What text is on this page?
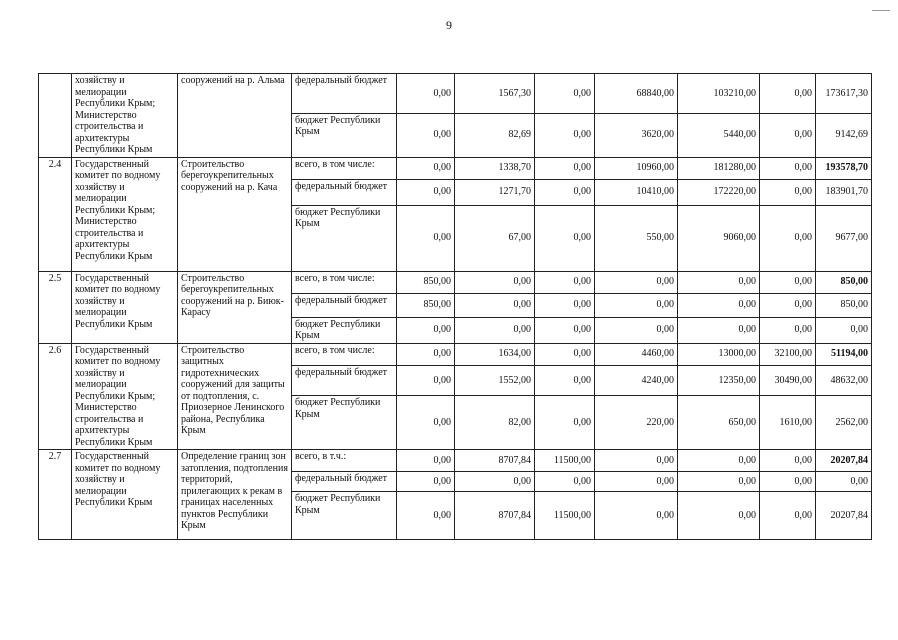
9
	хозяйству и мелиорации Республики Крым; Министерство строительства и архитектуры Республики Крым	сооружений на р. Альма	федеральный бюджет	0,00	1567,30	0,00	68840,00	103210,00	0,00	173617,30
			бюджет Республики Крым	0,00	82,69	0,00	3620,00	5440,00	0,00	9142,69
2.4	Государственный комитет по водному хозяйству и мелиорации Республики Крым; Министерство строительства и архитектуры Республики Крым	Строительство берегоукрепительных сооружений на р. Кача	всего, в том числе:	0,00	1338,70	0,00	10960,00	181280,00	0,00	193578,70
			федеральный бюджет	0,00	1271,70	0,00	10410,00	172220,00	0,00	183901,70
			бюджет Республики Крым	0,00	67,00	0,00	550,00	9060,00	0,00	9677,00
2.5	Государственный комитет по водному хозяйству и мелиорации Республики Крым	Строительство берегоукрепительных сооружений на р. Биюк-Карасу	всего, в том числе:	850,00	0,00	0,00	0,00	0,00	0,00	850,00
			федеральный бюджет	850,00	0,00	0,00	0,00	0,00	0,00	850,00
			бюджет Республики Крым	0,00	0,00	0,00	0,00	0,00	0,00	0,00
2.6	Государственный комитет по водному хозяйству и мелиорации Республики Крым; Министерство строительства и архитектуры Республики Крым	Строительство защитных гидротехнических сооружений для защиты от подтопления, с. Приозерное Ленинского района, Республика Крым	всего, в том числе:	0,00	1634,00	0,00	4460,00	13000,00	32100,00	51194,00
			федеральный бюджет	0,00	1552,00	0,00	4240,00	12350,00	30490,00	48632,00
			бюджет Республики Крым	0,00	82,00	0,00	220,00	650,00	1610,00	2562,00
2.7	Государственный комитет по водному хозяйству и мелиорации Республики Крым	Определение границ зон затопления, подтопления территорий, прилегающих к рекам в границах населенных пунктов Республики Крым	всего, в т.ч.:	0,00	8707,84	11500,00	0,00	0,00	0,00	20207,84
			федеральный бюджет	0,00	0,00	0,00	0,00	0,00	0,00	0,00
			бюджет Республики Крым	0,00	8707,84	11500,00	0,00	0,00	0,00	20207,84
